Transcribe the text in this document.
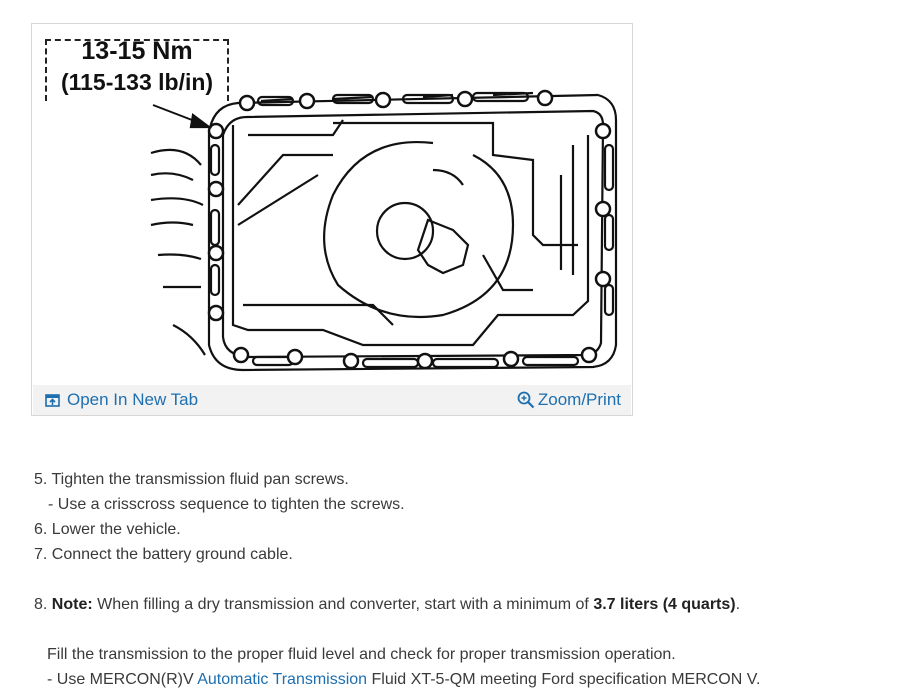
13-15 Nm
(115-133 lb/in)
Open In New Tab	Zoom/Print
5. Tighten the transmission fluid pan screws.
- Use a crisscross sequence to tighten the screws.
6. Lower the vehicle.
7. Connect the battery ground cable.
8. Note: When filling a dry transmission and converter, start with a minimum of 3.7 liters (4 quarts).
Fill the transmission to the proper fluid level and check for proper transmission operation.
- Use MERCON(R)V Automatic Transmission Fluid XT-5-QM meeting Ford specification MERCON V.
